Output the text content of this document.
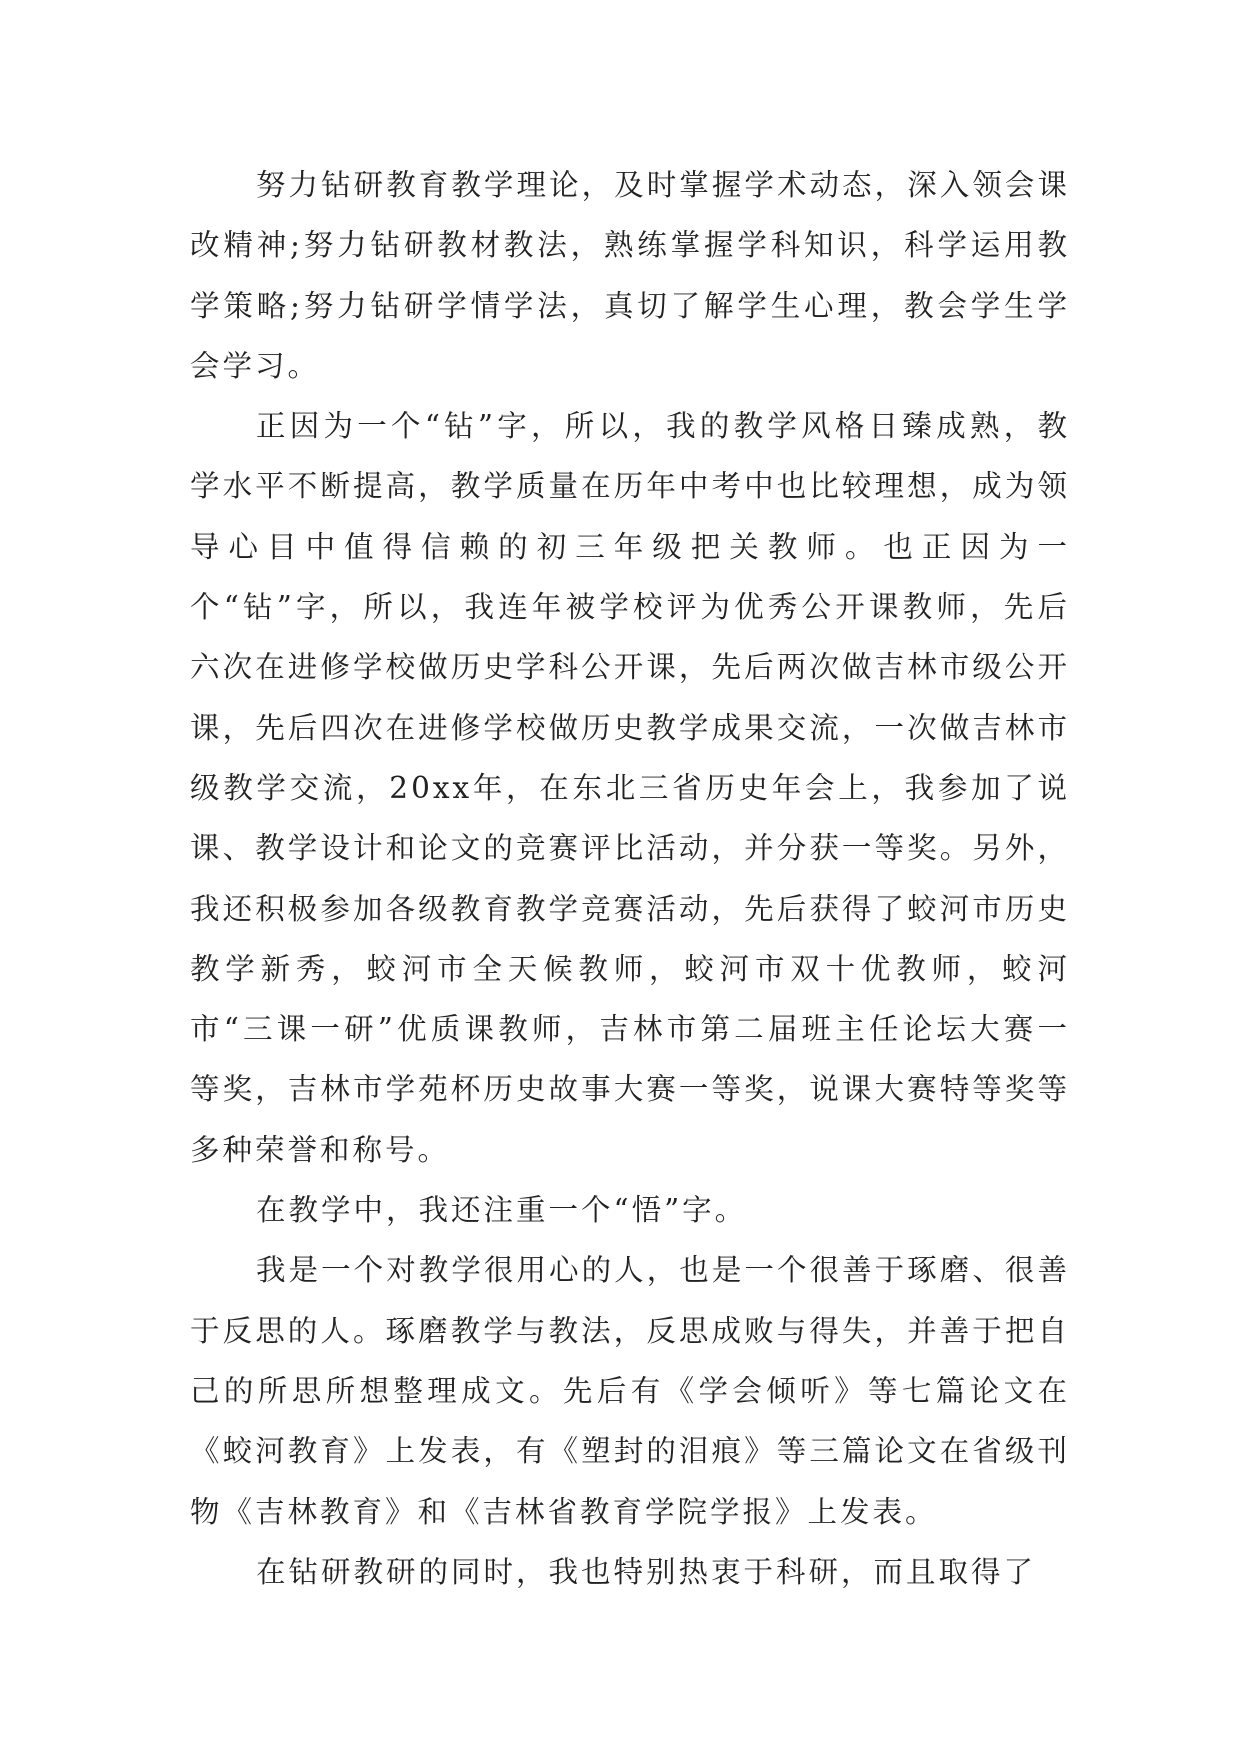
努力钻研教育教学理论，及时掌握学术动态，深入领会课改精神;努力钻研教材教法，熟练掌握学科知识，科学运用教学策略;努力钻研学情学法，真切了解学生心理，教会学生学会学习。

正因为一个“钻”字，所以，我的教学风格日臻成熟，教学水平不断提高，教学质量在历年中考中也比较理想，成为领导心目中值得信赖的初三年级把关教师。也正因为一个“钻”字，所以，我连年被学校评为优秀公开课教师，先后六次在进修学校做历史学科公开课，先后两次做吉林市级公开课，先后四次在进修学校做历史教学成果交流，一次做吉林市级教学交流，20xx年，在东北三省历史年会上，我参加了说课、教学设计和论文的竞赛评比活动，并分获一等奖。另外，我还积极参加各级教育教学竞赛活动，先后获得了蛟河市历史教学新秀，蛟河市全天候教师，蛟河市双十优教师，蛟河市“三课一研”优质课教师，吉林市第二届班主任论坛大赛一等奖，吉林市学苑杯历史故事大赛一等奖，说课大赛特等奖等多种荣誉和称号。

在教学中，我还注重一个“悟”字。

我是一个对教学很用心的人，也是一个很善于琢磨、很善于反思的人。琢磨教学与教法，反思成败与得失，并善于把自己的所思所想整理成文。先后有《学会倾听》等七篇论文在《蛟河教育》上发表，有《塑封的泪痕》等三篇论文在省级刊物《吉林教育》和《吉林省教育学院学报》上发表。

在钻研教研的同时，我也特别热衷于科研，而且取得了
